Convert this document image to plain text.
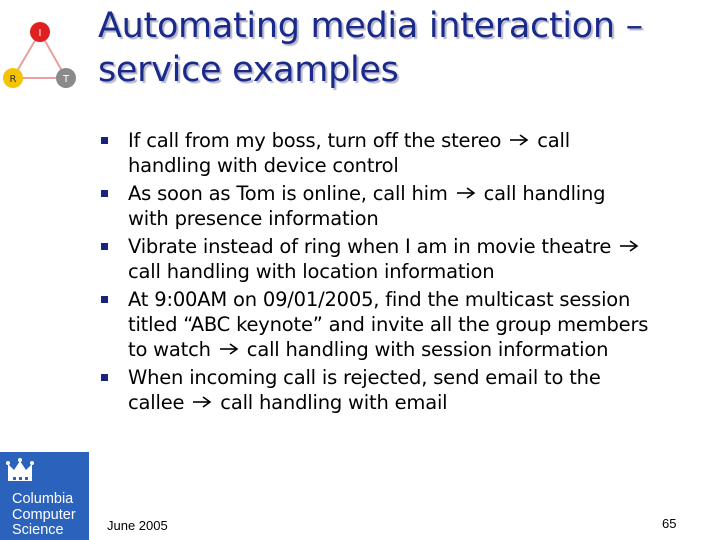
I
R	T
Automating media interaction –
service examples
If call from my boss, turn off the stereo  call
handling with device control
As soon as Tom is online, call him  call handling
with presence information
Vibrate instead of ring when I am in movie theatre
call handling with location information
At 9:00AM on 09/01/2005, find the multicast session
titled “ABC keynote” and invite all the group members
to watch  call handling with session information
When incoming call is rejected, send email to the
callee  call handling with email
Columbia
Computer
Science	June 2005	65
